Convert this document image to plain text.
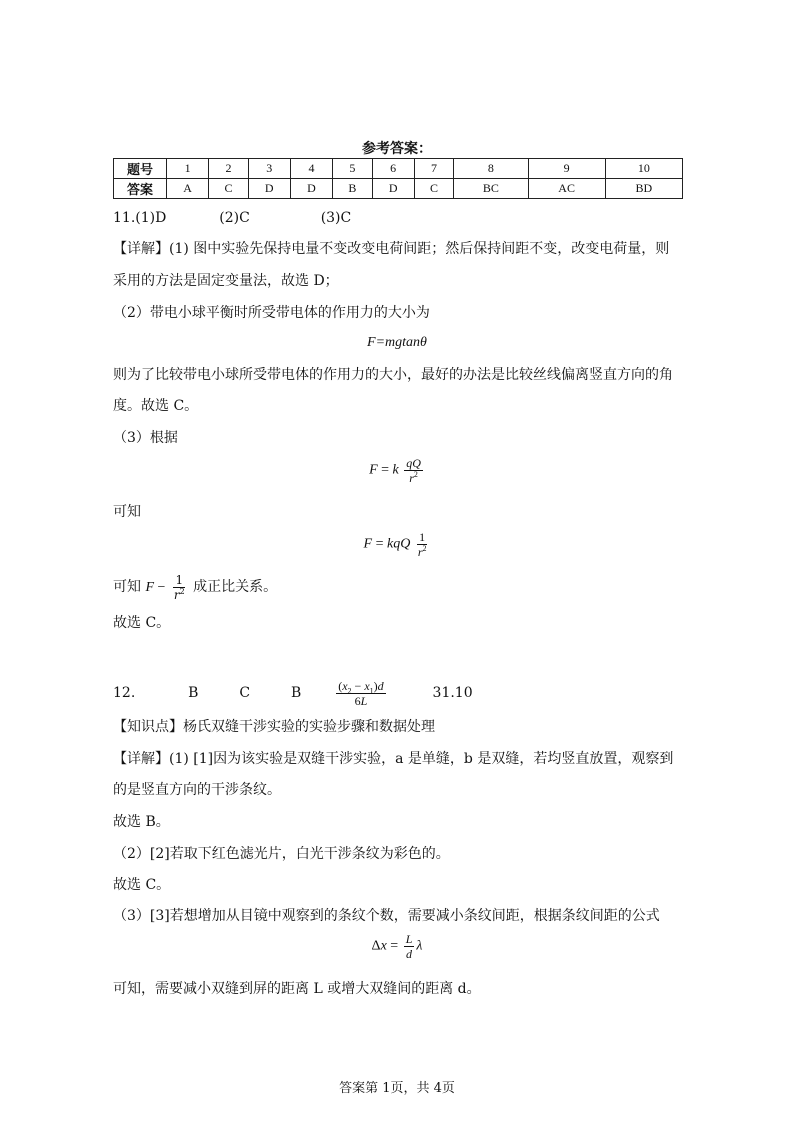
参考答案：
题号	1	2	3	4	5	6	7	8	9	10
答案	A	C	D	D	B	D	C	BC	AC	BD
11.(1)D	(2)C	(3)C
【详解】(1) 图中实验先保持电量不变改变电荷间距；然后保持间距不变，改变电荷量，则
采用的方法是固定变量法，故选 D；
（2）带电小球平衡时所受带电体的作用力的大小为
F=mgtanθ
则为了比较带电小球所受带电体的作用力的大小，最好的办法是比较丝线偏离竖直方向的角
度。故选 C。
（3）根据
F = k $\frac{qQ}{r^2}$
可知
F = kqQ $\frac{1}{r^2}$
可知 $F - \frac{1}{r^2}$ 成正比关系。
故选 C。
12.	B	C	B	$\frac{(x_2 - x_1)d}{6L}$	31.10
【知识点】杨氏双缝干涉实验的实验步骤和数据处理
【详解】(1) [1]因为该实验是双缝干涉实验，a 是单缝，b 是双缝，若均竖直放置，观察到
的是竖直方向的干涉条纹。
故选 B。
（2）[2]若取下红色滤光片，白光干涉条纹为彩色的。
故选 C。
（3）[3]若想增加从目镜中观察到的条纹个数，需要减小条纹间距，根据条纹间距的公式
$\Delta x = \frac{L}{d}$ λ
可知，需要减小双缝到屏的距离 L 或增大双缝间的距离 d。
答案第 1页，共 4页
